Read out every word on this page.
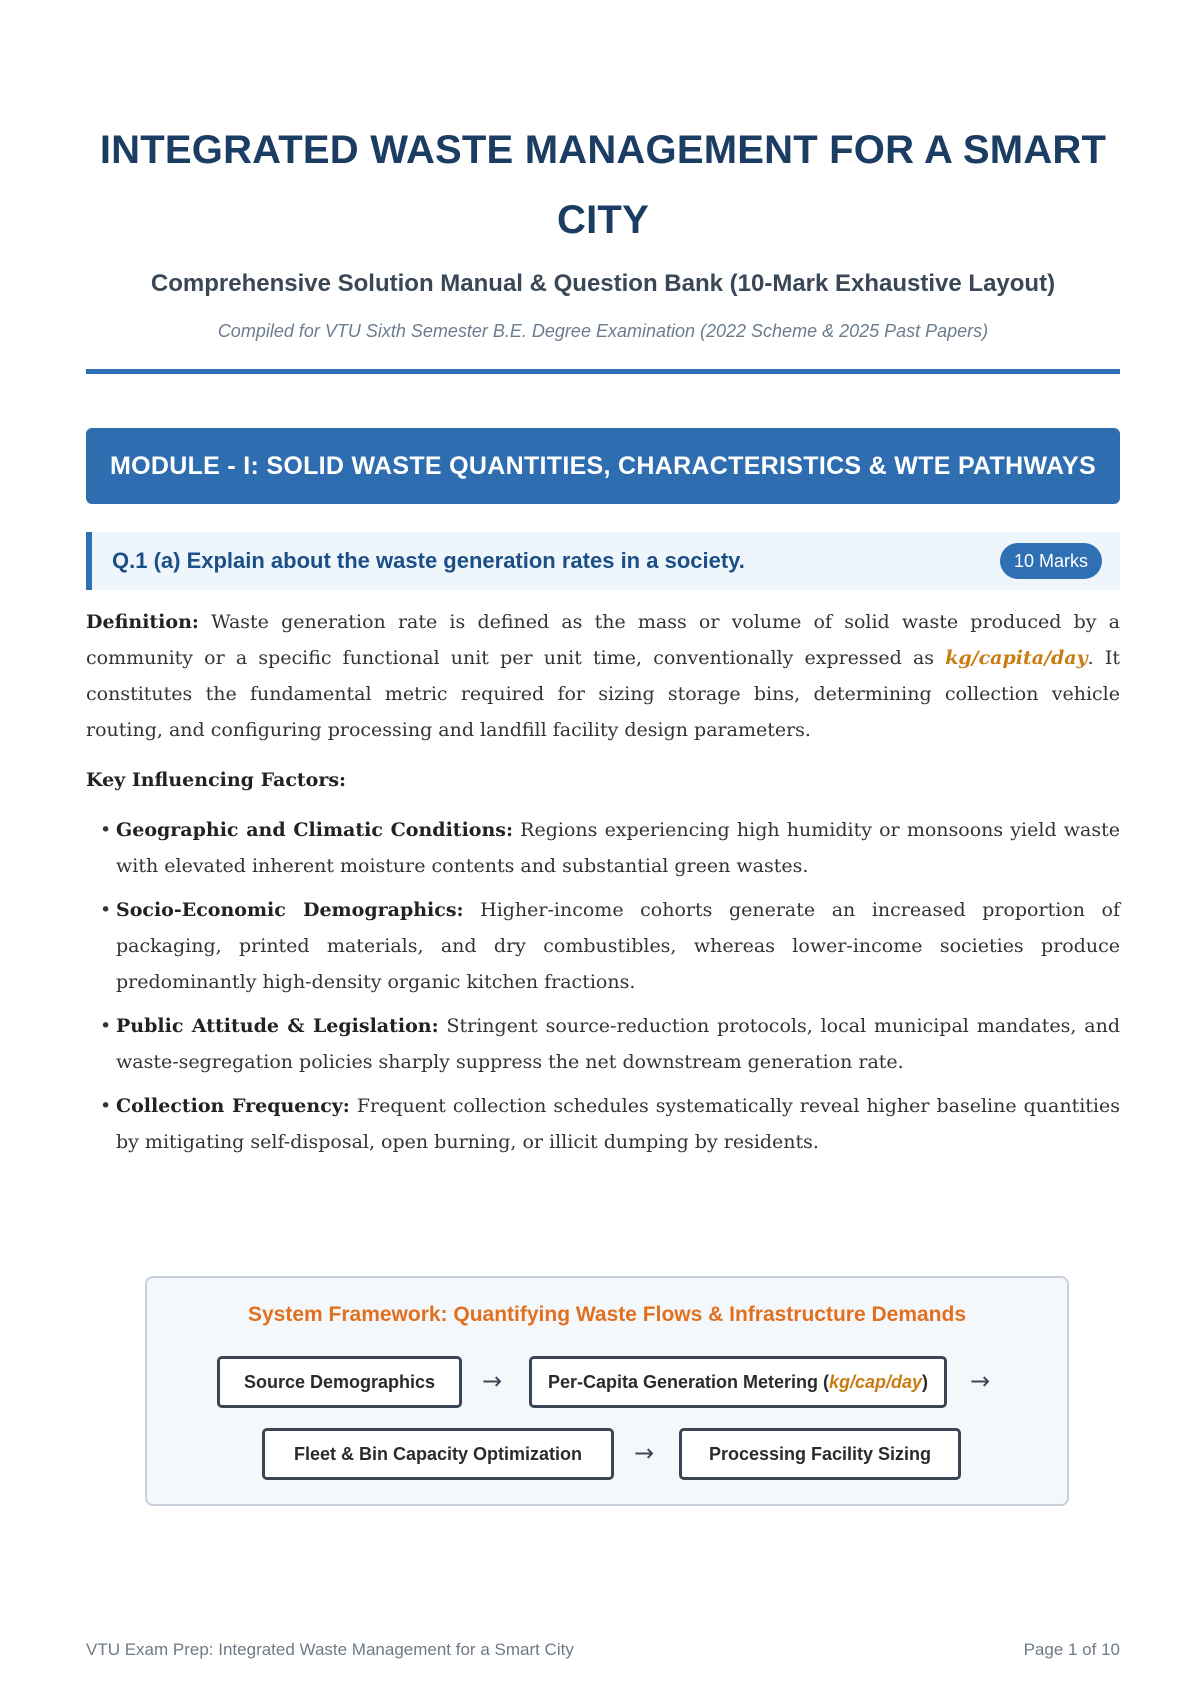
INTEGRATED WASTE MANAGEMENT FOR A SMART CITY
Comprehensive Solution Manual & Question Bank (10-Mark Exhaustive Layout)
Compiled for VTU Sixth Semester B.E. Degree Examination (2022 Scheme & 2025 Past Papers)
MODULE - I: SOLID WASTE QUANTITIES, CHARACTERISTICS & WTE PATHWAYS
Q.1 (a) Explain about the waste generation rates in a society.	10 Marks

Definition: Waste generation rate is defined as the mass or volume of solid waste produced by a community or a specific functional unit per unit time, conventionally expressed as kg/capita/day. It constitutes the fundamental metric required for sizing storage bins, determining collection vehicle routing, and configuring processing and landfill facility design parameters.

Key Influencing Factors:

• Geographic and Climatic Conditions: Regions experiencing high humidity or monsoons yield waste with elevated inherent moisture contents and substantial green wastes.
• Socio-Economic Demographics: Higher-income cohorts generate an increased proportion of packaging, printed materials, and dry combustibles, whereas lower-income societies produce predominantly high-density organic kitchen fractions.
• Public Attitude & Legislation: Stringent source-reduction protocols, local municipal mandates, and waste-segregation policies sharply suppress the net downstream generation rate.
• Collection Frequency: Frequent collection schedules systematically reveal higher baseline quantities by mitigating self-disposal, open burning, or illicit dumping by residents.
System Framework: Quantifying Waste Flows & Infrastructure Demands
Source Demographics	→	Per-Capita Generation Metering ( kg/cap/day ) →
Fleet & Bin Capacity Optimization	→	Processing Facility Sizing
VTU Exam Prep: Integrated Waste Management for a Smart City	Page 1 of 10
